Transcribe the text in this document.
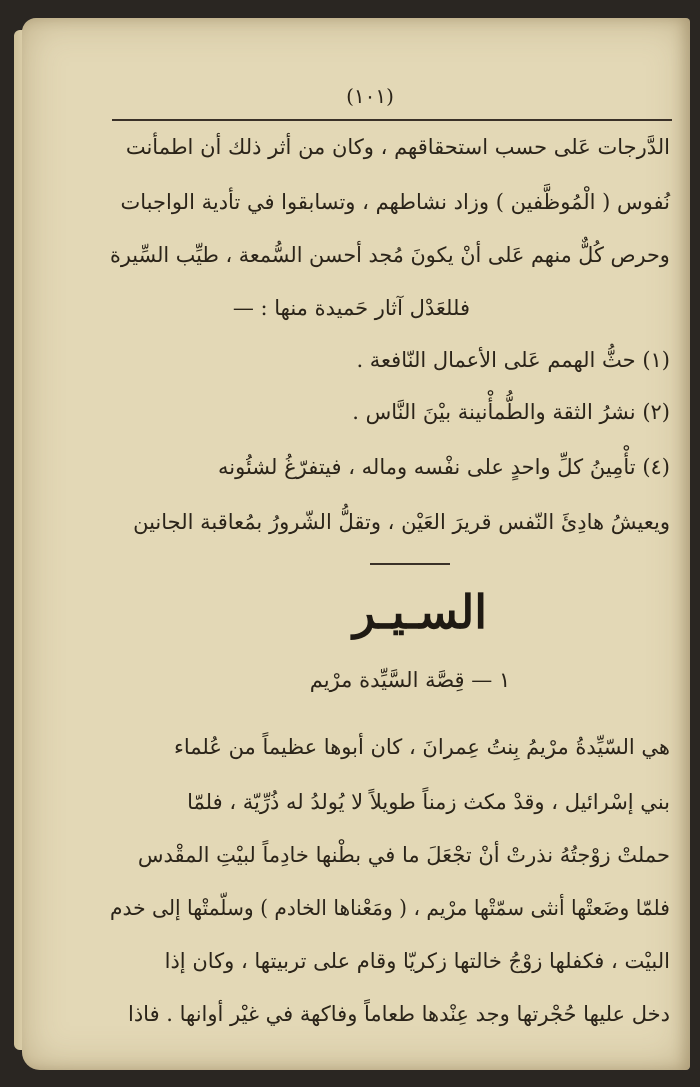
(١٠١)
الدَّرجات عَلى حسب استحقاقهم ، وكان من أثر ذلك أن اطمأنت
نُفوس ( الْمُوظَّفين ) وزاد نشاطهم ، وتسابقوا في تأدية الواجبات
وحرص كُلٌّ منهم عَلى أنْ يكونَ مُجد أحسن السُّمعة ، طيِّب السِّيرة
فللعَدْل آثار حَميدة منها : —
(١) حثُّ الهمم عَلى الأعمال النّافعة .
(٢) نشرُ الثقة والطُّمأْنينة بيْنَ النَّاس .
(٤) تأْمِينُ كلِّ واحدٍ على نفْسه وماله ، فيتفرّغُ لشئُونه
ويعيشُ هادِئَ النّفس قريرَ العَيْن ، وتقلُّ الشّرورُ بمُعاقبة الجانين
السـيـر
١ — قِصَّة السَّيِّدة مرْيم
هي السّيِّدةُ مرْيمُ بِنتُ عِمرانَ ، كان أبوها عظيماً من عُلماء
بني إسْرائيل ، وقدْ مكث زمناً طويلاً لا يُولدُ له ذُرِّيّة ، فلمّا
حملتْ زوْجتُهُ نذرتْ أنْ تجْعَلَ ما في بطْنها خادِماً لبيْتِ المقْدس
فلمّا وضَعتْها أنثى سمّتْها مرْيم ، ( ومَعْناها الخادم ) وسلّمتْها إلى خدم
البيْت ، فكفلها زوْجُ خالتها زكريّا وقام على تربيتها ، وكان إذا
دخل عليها حُجْرتها وجد عِنْدها طعاماً وفاكهة في غيْر أوانها . فاذا
